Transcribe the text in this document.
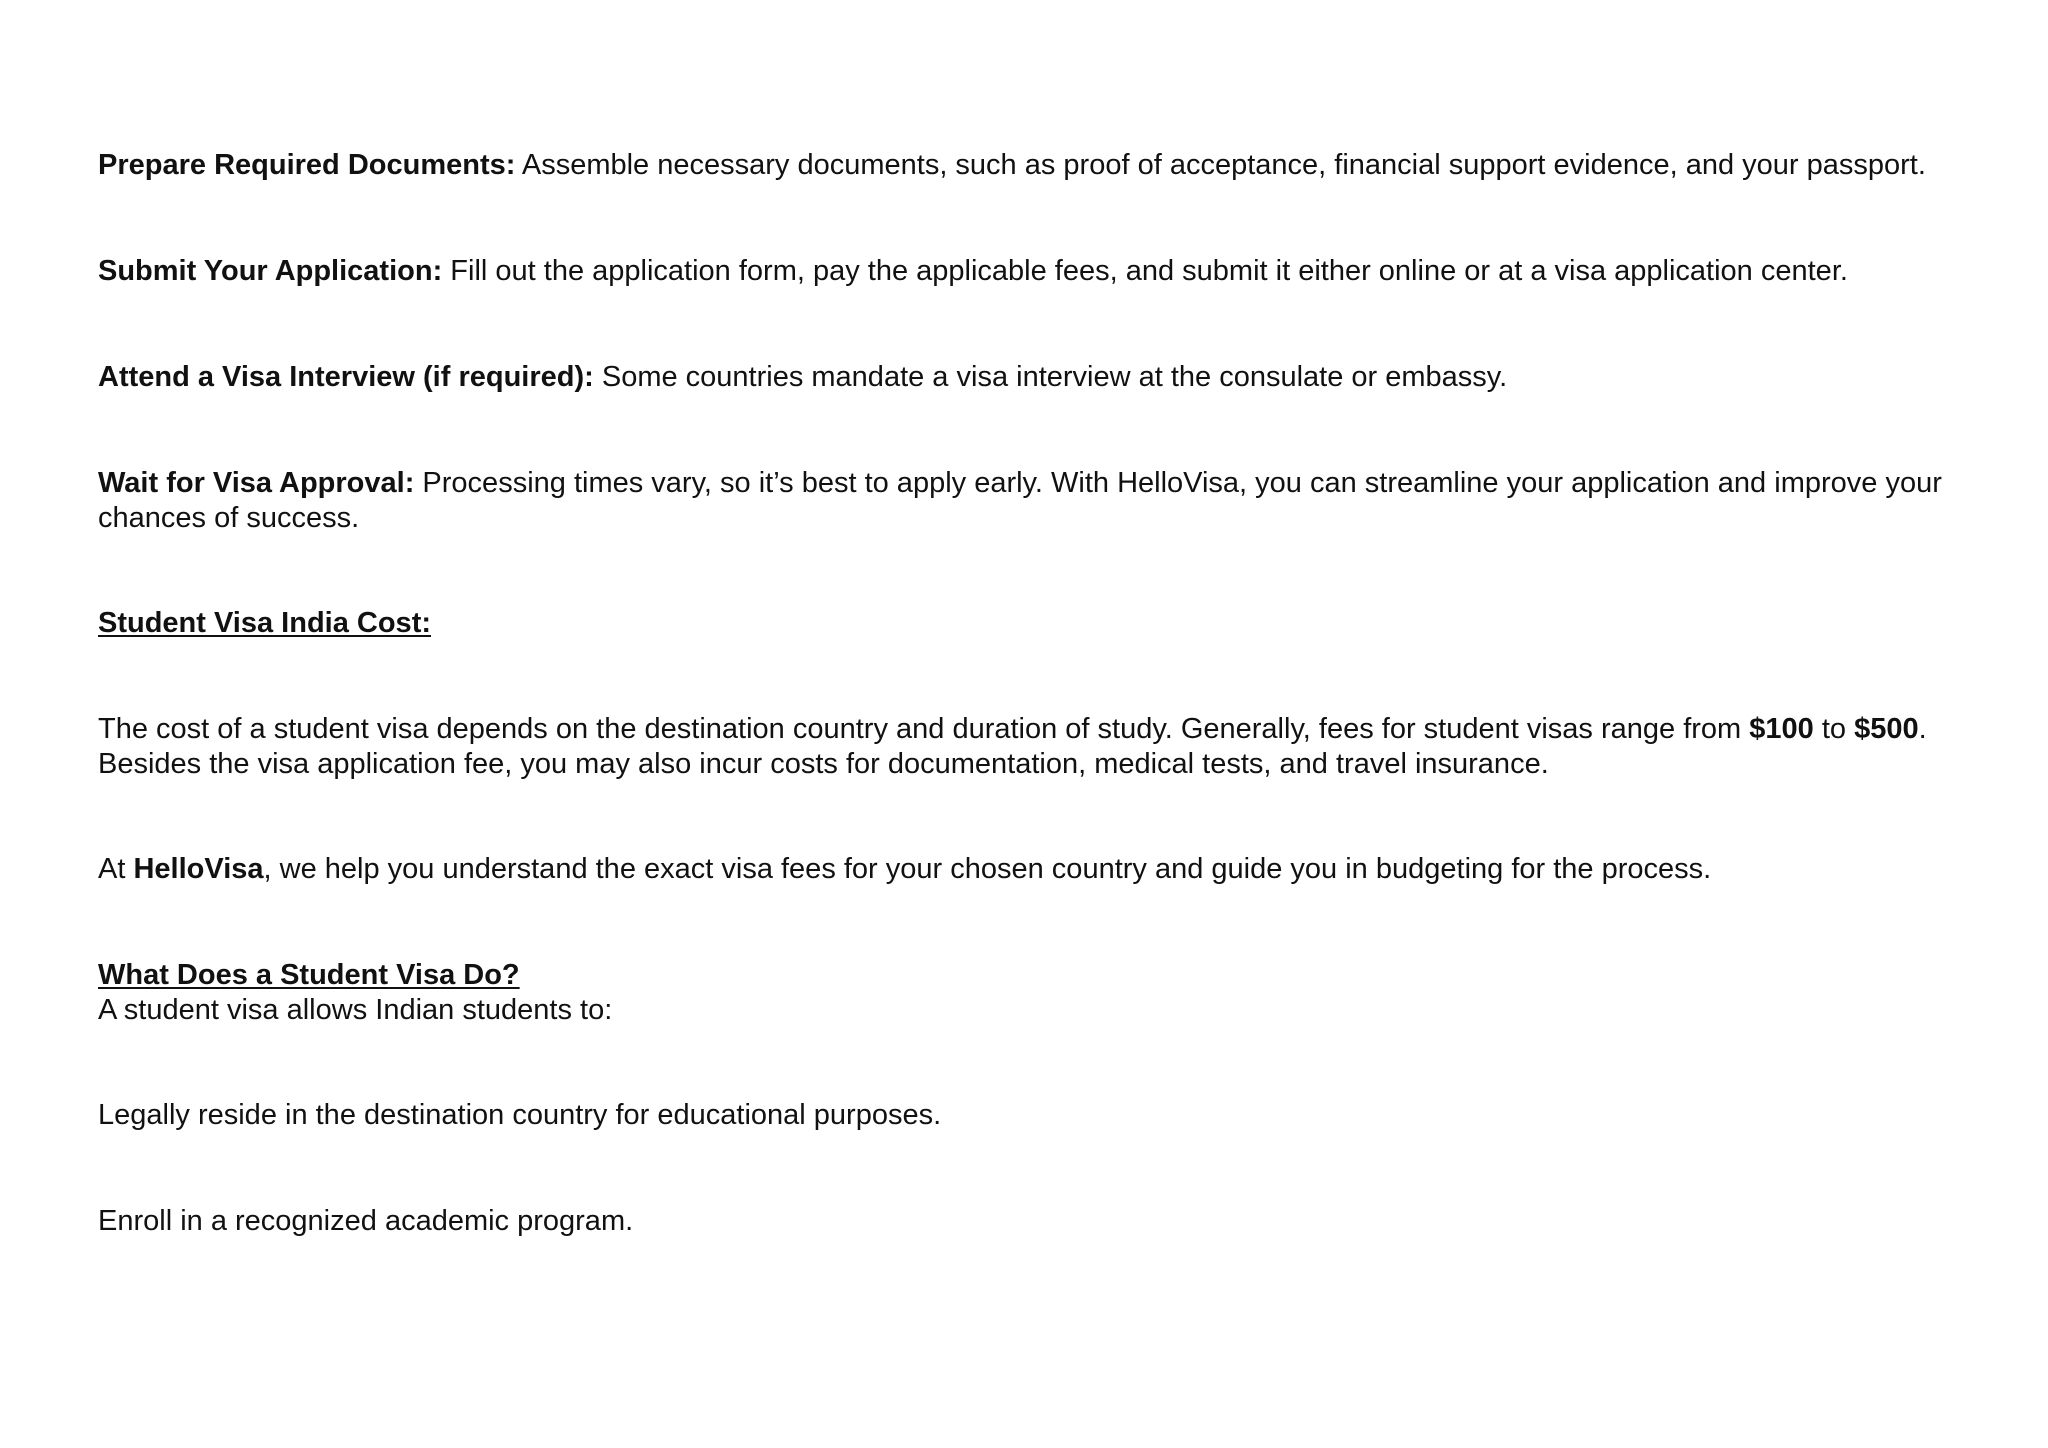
Prepare Required Documents: Assemble necessary documents, such as proof of acceptance, financial support evidence, and your passport.

Submit Your Application: Fill out the application form, pay the applicable fees, and submit it either online or at a visa application center.

Attend a Visa Interview (if required): Some countries mandate a visa interview at the consulate or embassy.

Wait for Visa Approval: Processing times vary, so it’s best to apply early. With HelloVisa, you can streamline your application and improve your chances of success.

Student Visa India Cost:

The cost of a student visa depends on the destination country and duration of study. Generally, fees for student visas range from $100 to $500. Besides the visa application fee, you may also incur costs for documentation, medical tests, and travel insurance.

At HelloVisa, we help you understand the exact visa fees for your chosen country and guide you in budgeting for the process.

What Does a Student Visa Do?
A student visa allows Indian students to:

Legally reside in the destination country for educational purposes.

Enroll in a recognized academic program.
